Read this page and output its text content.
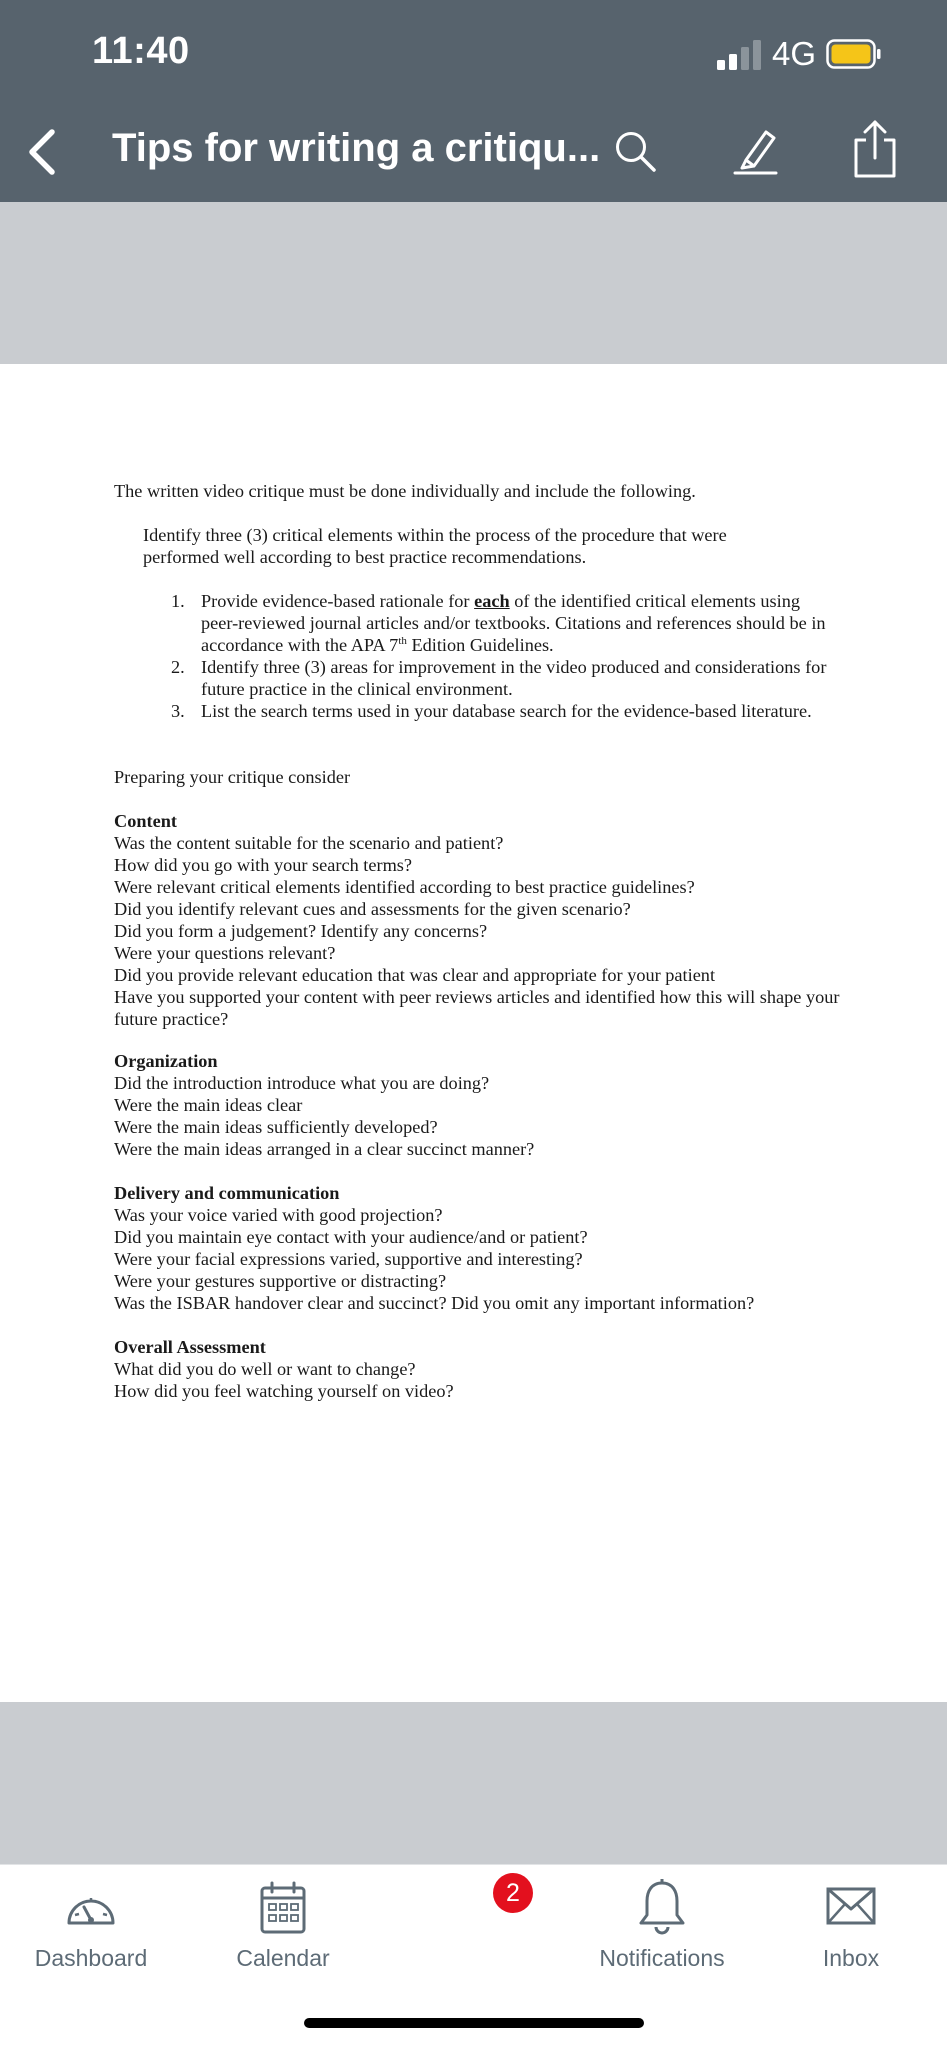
11:40	4G
Tips for writing a critiqu...

The written video critique must be done individually and include the following.

Identify three (3) critical elements within the process of the procedure that were performed well according to best practice recommendations.

1. Provide evidence-based rationale for each of the identified critical elements using peer-reviewed journal articles and/or textbooks. Citations and references should be in accordance with the APA 7th Edition Guidelines.
2. Identify three (3) areas for improvement in the video produced and considerations for future practice in the clinical environment.
3. List the search terms used in your database search for the evidence-based literature.

Preparing your critique consider

Content
Was the content suitable for the scenario and patient?
How did you go with your search terms?
Were relevant critical elements identified according to best practice guidelines?
Did you identify relevant cues and assessments for the given scenario?
Did you form a judgement? Identify any concerns?
Were your questions relevant?
Did you provide relevant education that was clear and appropriate for your patient
Have you supported your content with peer reviews articles and identified how this will shape your future practice?
Organization
Did the introduction introduce what you are doing?
Were the main ideas clear
Were the main ideas sufficiently developed?
Were the main ideas arranged in a clear succinct manner?
Delivery and communication
Was your voice varied with good projection?
Did you maintain eye contact with your audience/and or patient?
Were your facial expressions varied, supportive and interesting?
Were your gestures supportive or distracting?
Was the ISBAR handover clear and succinct? Did you omit any important information?
Overall Assessment
What did you do well or want to change?
How did you feel watching yourself on video?
Dashboard	Calendar	Notifications	Inbox
2
